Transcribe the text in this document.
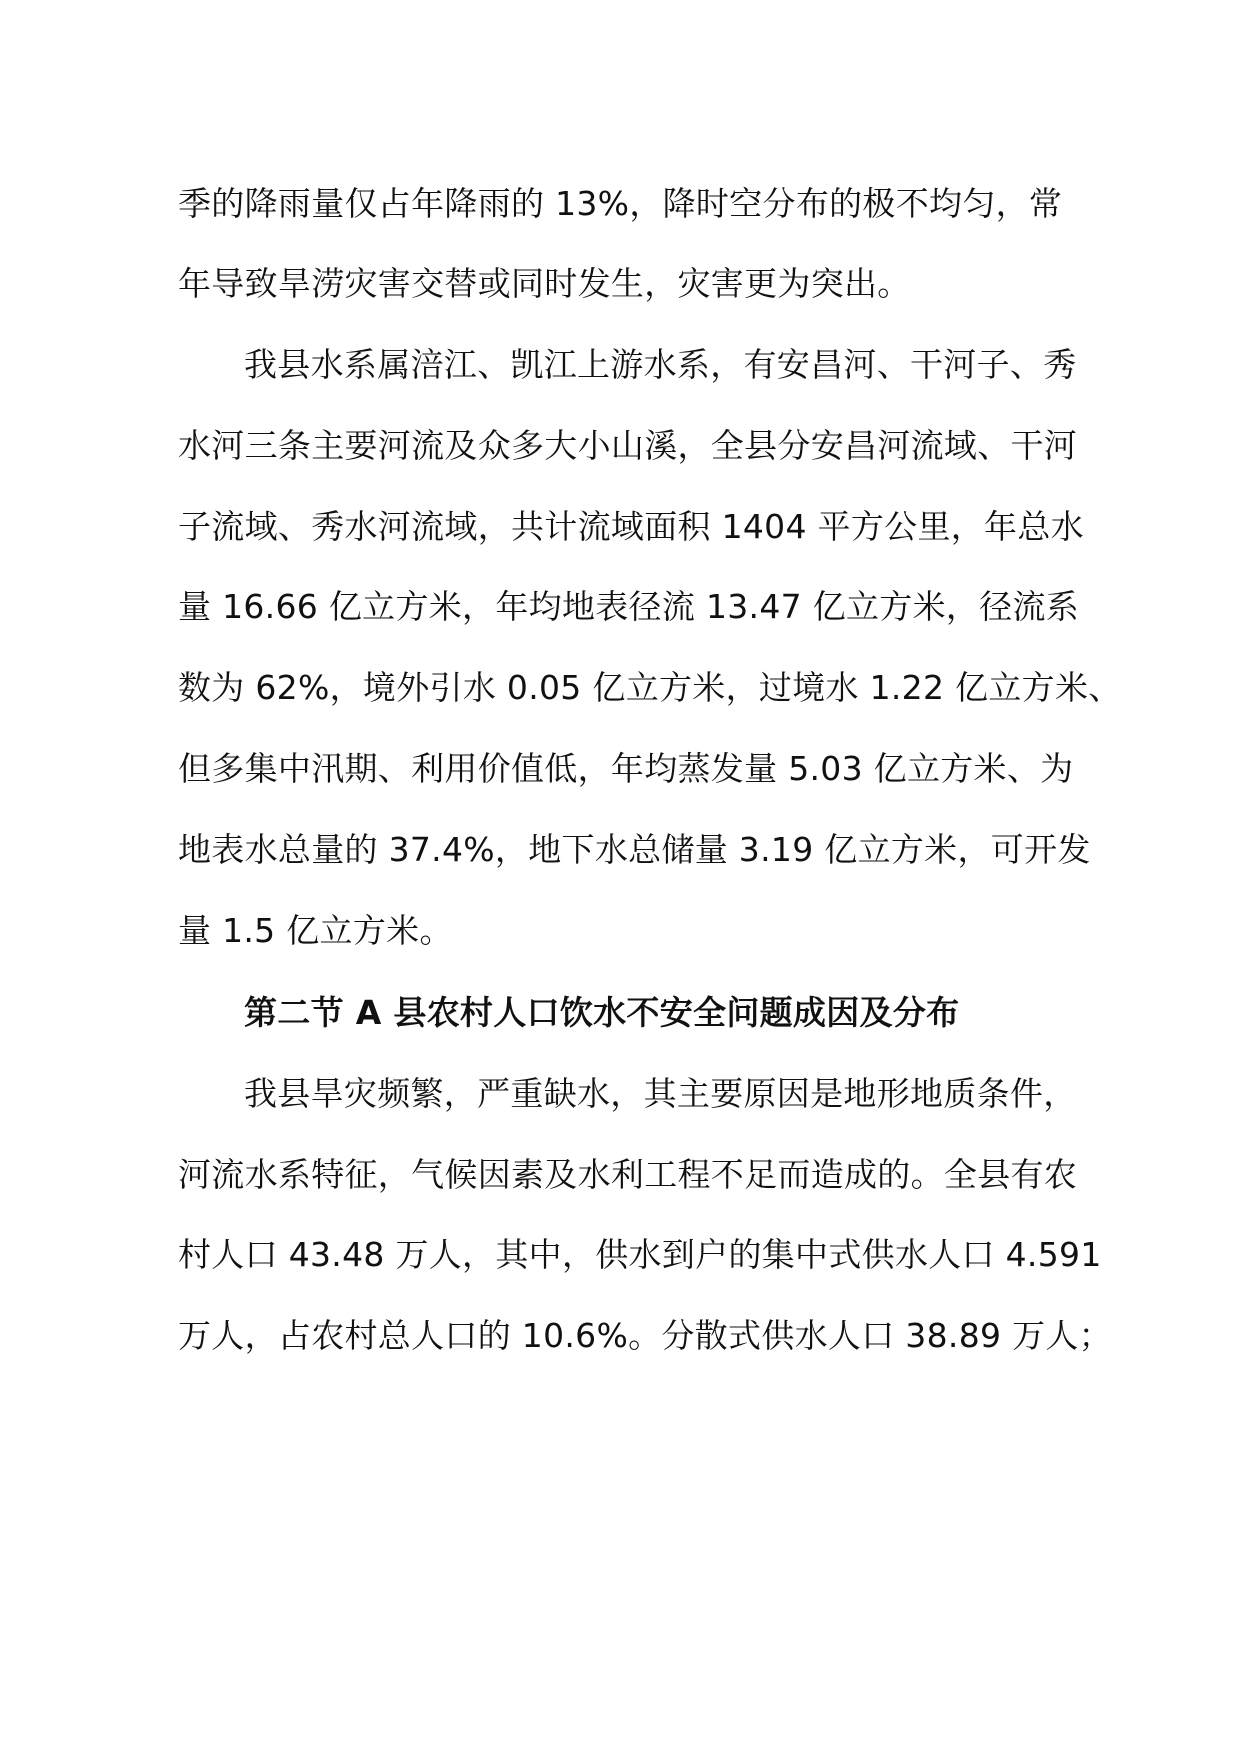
季的降雨量仅占年降雨的 13%，降时空分布的极不均匀，常
年导致旱涝灾害交替或同时发生，灾害更为突出。
我县水系属涪江、凯江上游水系，有安昌河、干河子、秀
水河三条主要河流及众多大小山溪，全县分安昌河流域、干河
子流域、秀水河流域，共计流域面积 1404 平方公里，年总水
量 16.66 亿立方米，年均地表径流 13.47 亿立方米，径流系
数为 62%，境外引水 0.05 亿立方米，过境水 1.22 亿立方米、
但多集中汛期、利用价值低，年均蒸发量 5.03 亿立方米、为
地表水总量的 37.4%，地下水总储量 3.19 亿立方米，可开发
量 1.5 亿立方米。
第二节 A 县农村人口饮水不安全问题成因及分布
我县旱灾频繁，严重缺水，其主要原因是地形地质条件，
河流水系特征，气候因素及水利工程不足而造成的。全县有农
村人口 43.48 万人，其中，供水到户的集中式供水人口 4.591
万人，占农村总人口的 10.6%。分散式供水人口 38.89 万人；
